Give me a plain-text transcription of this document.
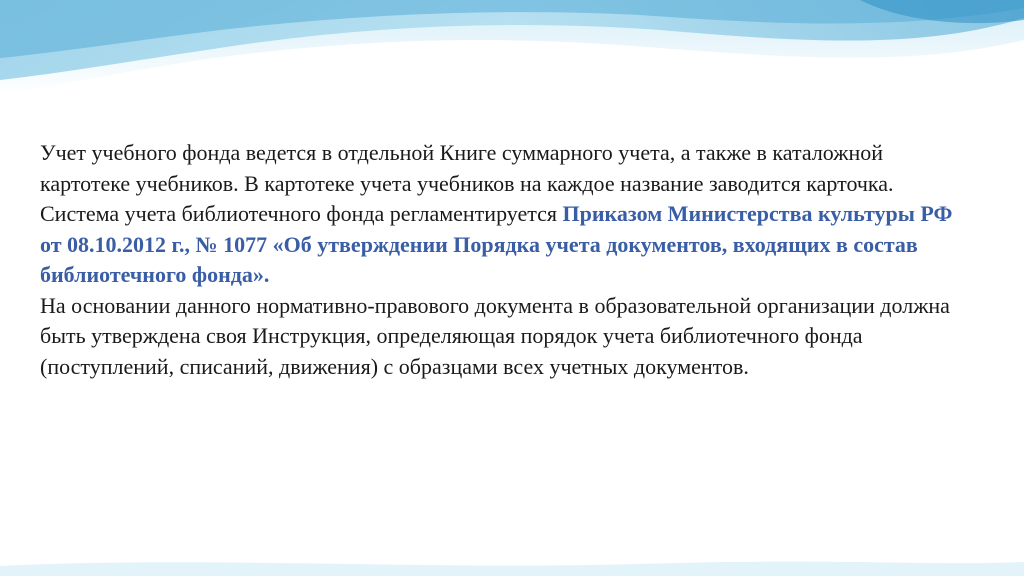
Учет учебного фонда ведется в отдельной Книге суммарного учета, а также в каталожной картотеке учебников. В картотеке учета учебников на каждое название заводится карточка. Система учета библиотечного фонда регламентируется Приказом Министерства культуры РФ от 08.10.2012 г., № 1077 «Об утверждении Порядка учета документов, входящих в состав библиотечного фонда».

На основании данного нормативно-правового документа в образовательной организации должна быть утверждена своя Инструкция, определяющая порядок учета библиотечного фонда (поступлений, списаний, движения) с образцами всех учетных документов.
